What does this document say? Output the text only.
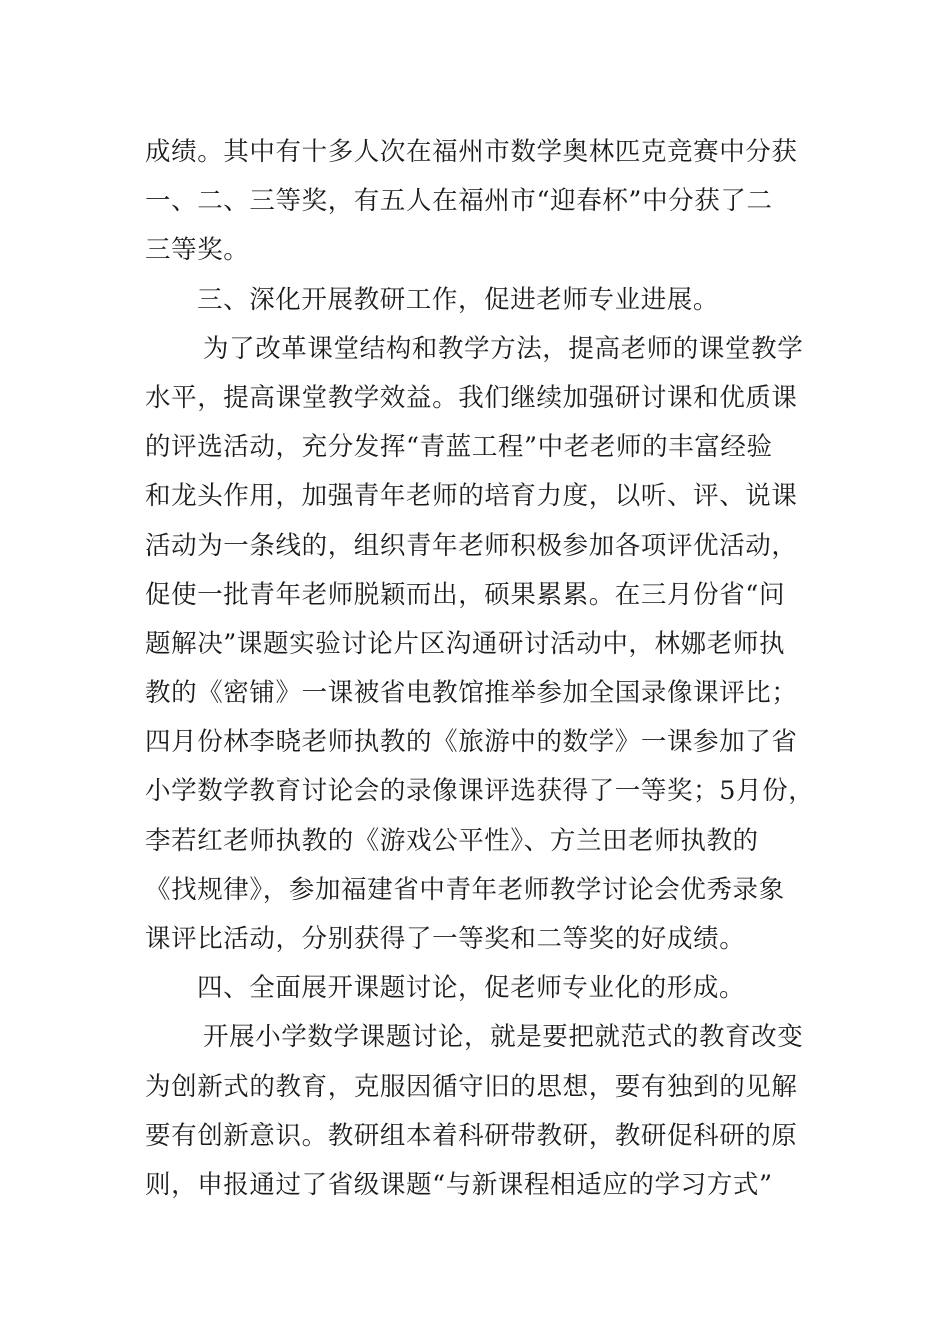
成绩。其中有十多人次在福州市数学奥林匹克竞赛中分获
一、二、三等奖，有五人在福州市“迎春杯”中分获了二
三等奖。
三、深化开展教研工作，促进老师专业进展。
为了改革课堂结构和教学方法，提高老师的课堂教学
水平，提高课堂教学效益。我们继续加强研讨课和优质课
的评选活动，充分发挥“青蓝工程”中老老师的丰富经验
和龙头作用，加强青年老师的培育力度，以听、评、说课
活动为一条线的，组织青年老师积极参加各项评优活动，
促使一批青年老师脱颖而出，硕果累累。在三月份省“问
题解决”课题实验讨论片区沟通研讨活动中，林娜老师执
教的《密铺》一课被省电教馆推举参加全国录像课评比；
四月份林李晓老师执教的《旅游中的数学》一课参加了省
小学数学教育讨论会的录像课评选获得了一等奖；5月份，
李若红老师执教的《游戏公平性》、方兰田老师执教的
《找规律》，参加福建省中青年老师教学讨论会优秀录象
课评比活动，分别获得了一等奖和二等奖的好成绩。
四、全面展开课题讨论，促老师专业化的形成。
开展小学数学课题讨论，就是要把就范式的教育改变
为创新式的教育，克服因循守旧的思想，要有独到的见解
要有创新意识。教研组本着科研带教研，教研促科研的原
则，申报通过了省级课题“与新课程相适应的学习方式”
